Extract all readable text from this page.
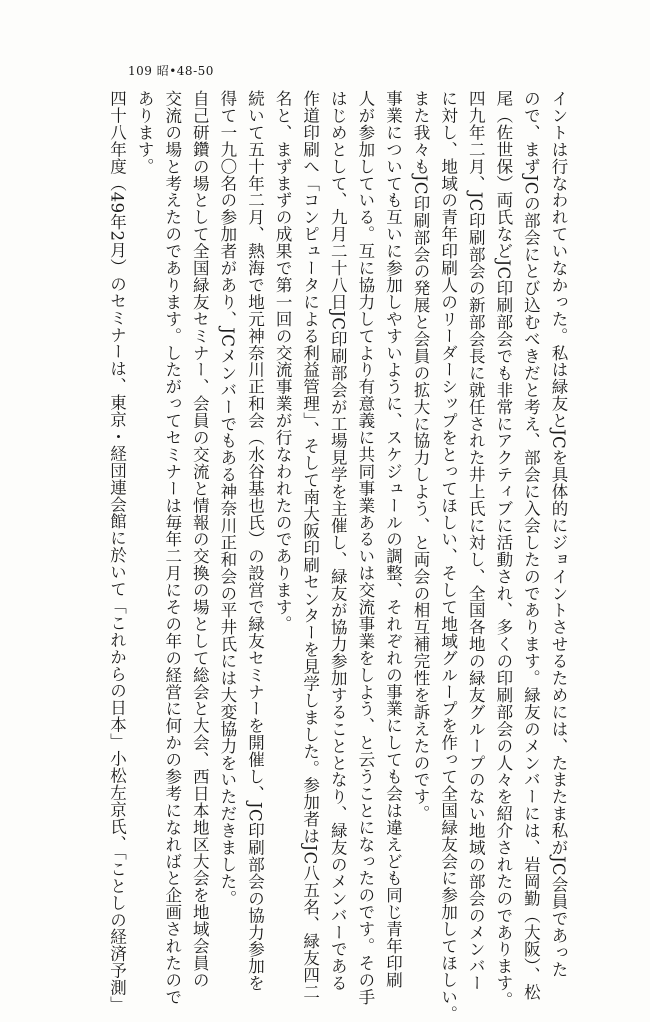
109 昭•48-50
イントは行なわれていなかった。私は緑友とJCを具体的にジョイントさせるためには、たまたま私がJC会員であった
ので、まずJCの部会にとび込むべきだと考え、部会に入会したのであります。緑友のメンバーには、岩岡勤（大阪）、松
尾（佐世保）両氏などJC印刷部会でも非常にアクティブに活動され、多くの印刷部会の人々を紹介されたのであります。
四九年二月、JC印刷部会の新部会長に就任された井上氏に対し、全国各地の緑友グループのない地域の部会のメンバー
に対し、地域の青年印刷人のリーダーシップをとってほしい、そして地域グループを作って全国緑友会に参加してほしい。
また我々もJC印刷部会の発展と会員の拡大に協力しよう、と両会の相互補完性を訴えたのです。
事業についても互いに参加しやすいように、スケジュールの調整、それぞれの事業にしても会は違えども同じ青年印刷
人が参加している。互に協力してより有意義に共同事業あるいは交流事業をしよう、と云うことになったのです。その手
はじめとして、九月二十八日JC印刷部会が工場見学を主催し、緑友が協力参加することとなり、緑友のメンバーである
作道印刷へ「コンピュータによる利益管理」、そして南大阪印刷センターを見学しました。参加者はJC八五名、緑友四二
名と、まずまずの成果で第一回の交流事業が行なわれたのであります。
続いて五十年二月、熱海で地元神奈川正和会（水谷基也氏）の設営で緑友セミナーを開催し、JC印刷部会の協力参加を
得て一九〇名の参加者があり、JCメンバーでもある神奈川正和会の平井氏には大変協力をいただきました。
自己研鑽の場として全国緑友セミナー、会員の交流と情報の交換の場として総会と大会、西日本地区大会を地域会員の
交流の場と考えたのであります。したがってセミナーは毎年二月にその年の経営に何かの参考になればと企画されたので
あります。
四十八年度（49年2月）のセミナーは、東京・経団連会館に於いて「これからの日本」小松左京氏、「ことしの経済予測」
